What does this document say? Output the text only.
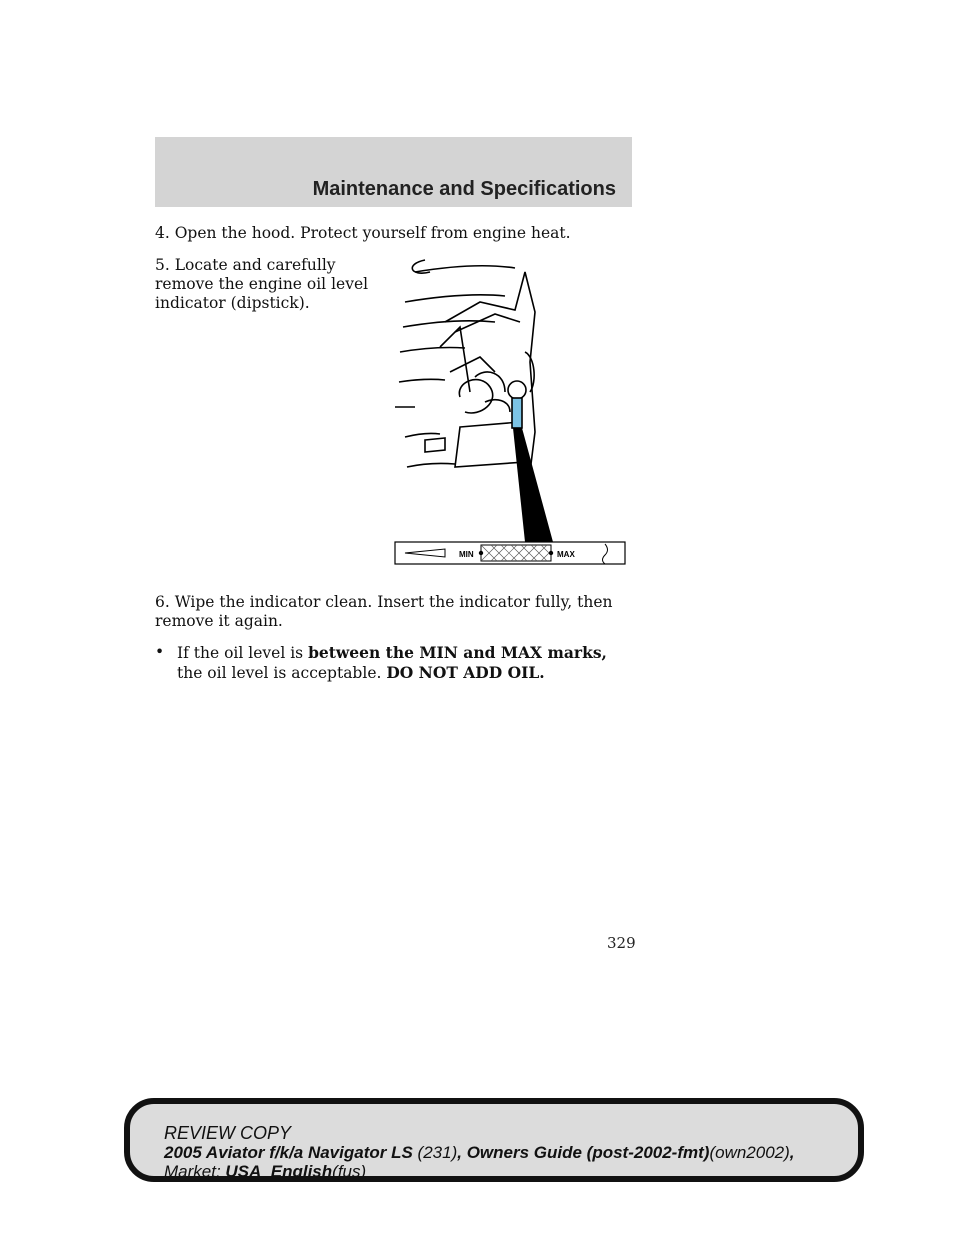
Maintenance and Specifications
4. Open the hood. Protect yourself from engine heat.
5. Locate and carefully remove the engine oil level indicator (dipstick).
MIN	MAX
6. Wipe the indicator clean. Insert the indicator fully, then remove it again.
• If the oil level is between the MIN and MAX marks, the oil level is acceptable. DO NOT ADD OIL.
329
REVIEW COPY
2005 Aviator f/k/a Navigator LS (231), Owners Guide (post-2002-fmt)(own2002),
Market: USA_English(fus)
